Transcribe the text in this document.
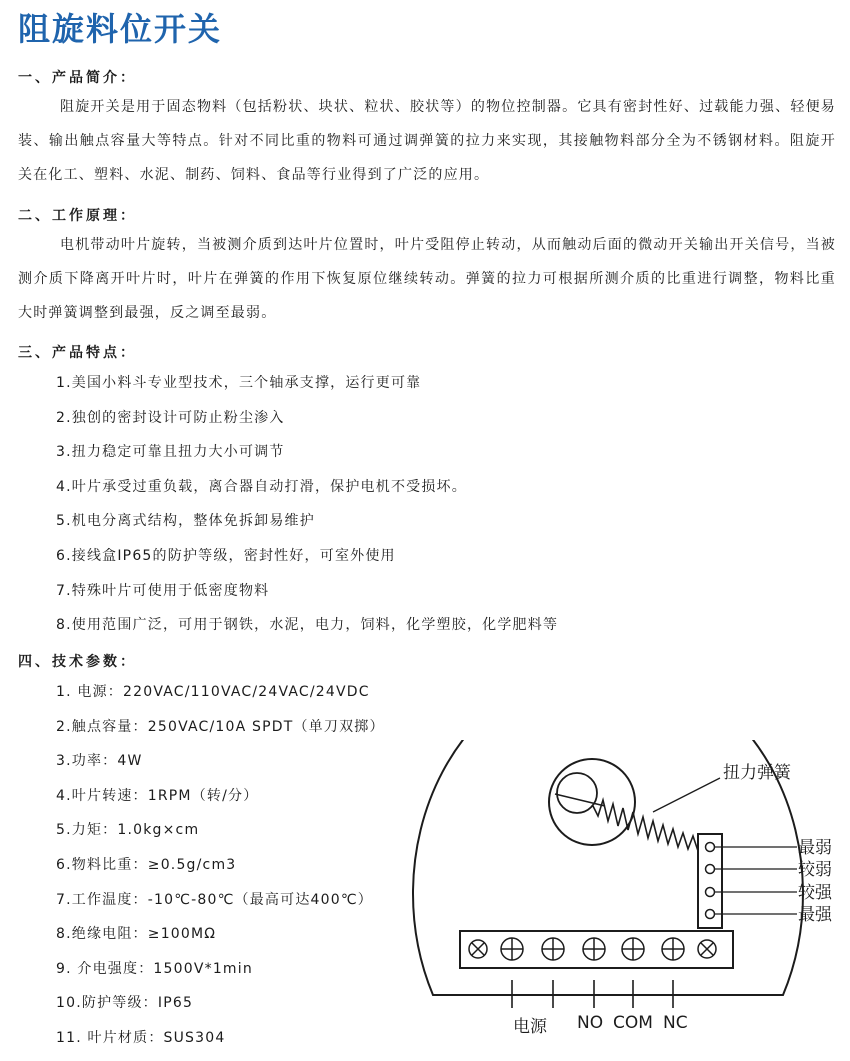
阻旋料位开关
一、产品简介：

阻旋开关是用于固态物料（包括粉状、块状、粒状、胶状等）的物位控制器。它具有密封性好、过载能力强、轻便易装、输出触点容量大等特点。针对不同比重的物料可通过调弹簧的拉力来实现，其接触物料部分全为不锈钢材料。阻旋开关在化工、塑料、水泥、制药、饲料、食品等行业得到了广泛的应用。

二、工作原理：

电机带动叶片旋转，当被测介质到达叶片位置时，叶片受阻停止转动，从而触动后面的微动开关输出开关信号，当被测介质下降离开叶片时，叶片在弹簧的作用下恢复原位继续转动。弹簧的拉力可根据所测介质的比重进行调整，物料比重大时弹簧调整到最强，反之调至最弱。

三、产品特点：
1.美国小料斗专业型技术，三个轴承支撑，运行更可靠
2.独创的密封设计可防止粉尘渗入
3.扭力稳定可靠且扭力大小可调节
4.叶片承受过重负载，离合器自动打滑，保护电机不受损坏。
5.机电分离式结构，整体免拆卸易维护
6.接线盒IP65的防护等级，密封性好，可室外使用
7.特殊叶片可使用于低密度物料
8.使用范围广泛，可用于钢铁，水泥，电力，饲料，化学塑胶，化学肥料等
四、技术参数：
1. 电源：220VAC/110VAC/24VAC/24VDC
2.触点容量：250VAC/10A SPDT（单刀双掷）
3.功率：4W
4.叶片转速：1RPM（转/分）
5.力矩：1.0kg×cm
6.物料比重：≥0.5g/cm3
7.工作温度：-10℃-80℃（最高可达400℃）
8.绝缘电阻：≥100MΩ
9. 介电强度：1500V*1min
10.防护等级：IP65
11. 叶片材质：SUS304
扭力弹簧
最弱
较弱
较强
最强
电源 NO COM NC
